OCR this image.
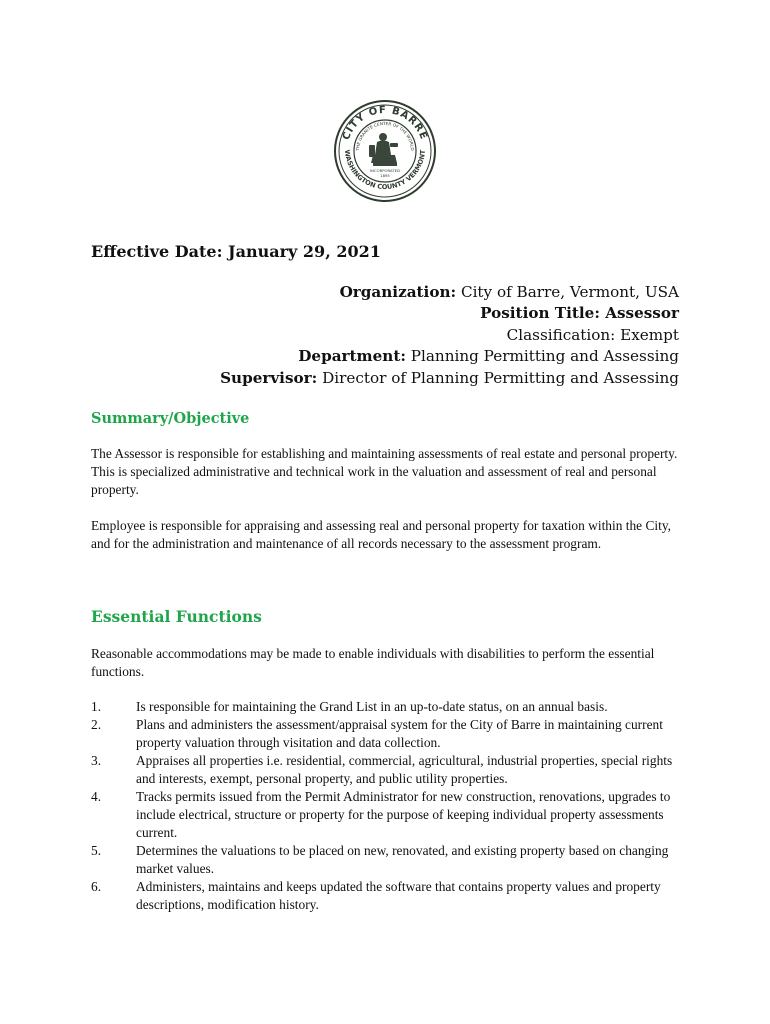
CITY OF BARRE
THE GRANITE CENTER OF THE WORLD
WASHINGTON COUNTY VERMONT
INCORPORATED
1895
Effective Date: January 29, 2021
Organization: City of Barre, Vermont, USA
Position Title: Assessor
Classification: Exempt
Department: Planning Permitting and Assessing
Supervisor: Director of Planning Permitting and Assessing
Summary/Objective
The Assessor is responsible for establishing and maintaining assessments of real estate and personal property. This is specialized administrative and technical work in the valuation and assessment of real and personal property.
Employee is responsible for appraising and assessing real and personal property for taxation within the City, and for the administration and maintenance of all records necessary to the assessment program.
Essential Functions
Reasonable accommodations may be made to enable individuals with disabilities to perform the essential functions.
1.	Is responsible for maintaining the Grand List in an up-to-date status, on an annual basis.
2.	Plans and administers the assessment/appraisal system for the City of Barre in maintaining current property valuation through visitation and data collection.
3.	Appraises all properties i.e. residential, commercial, agricultural, industrial properties, special rights and interests, exempt, personal property, and public utility properties.
4.	Tracks permits issued from the Permit Administrator for new construction, renovations, upgrades to include electrical, structure or property for the purpose of keeping individual property assessments current.
5.	Determines the valuations to be placed on new, renovated, and existing property based on changing market values.
6.	Administers, maintains and keeps updated the software that contains property values and property descriptions, modification history.
